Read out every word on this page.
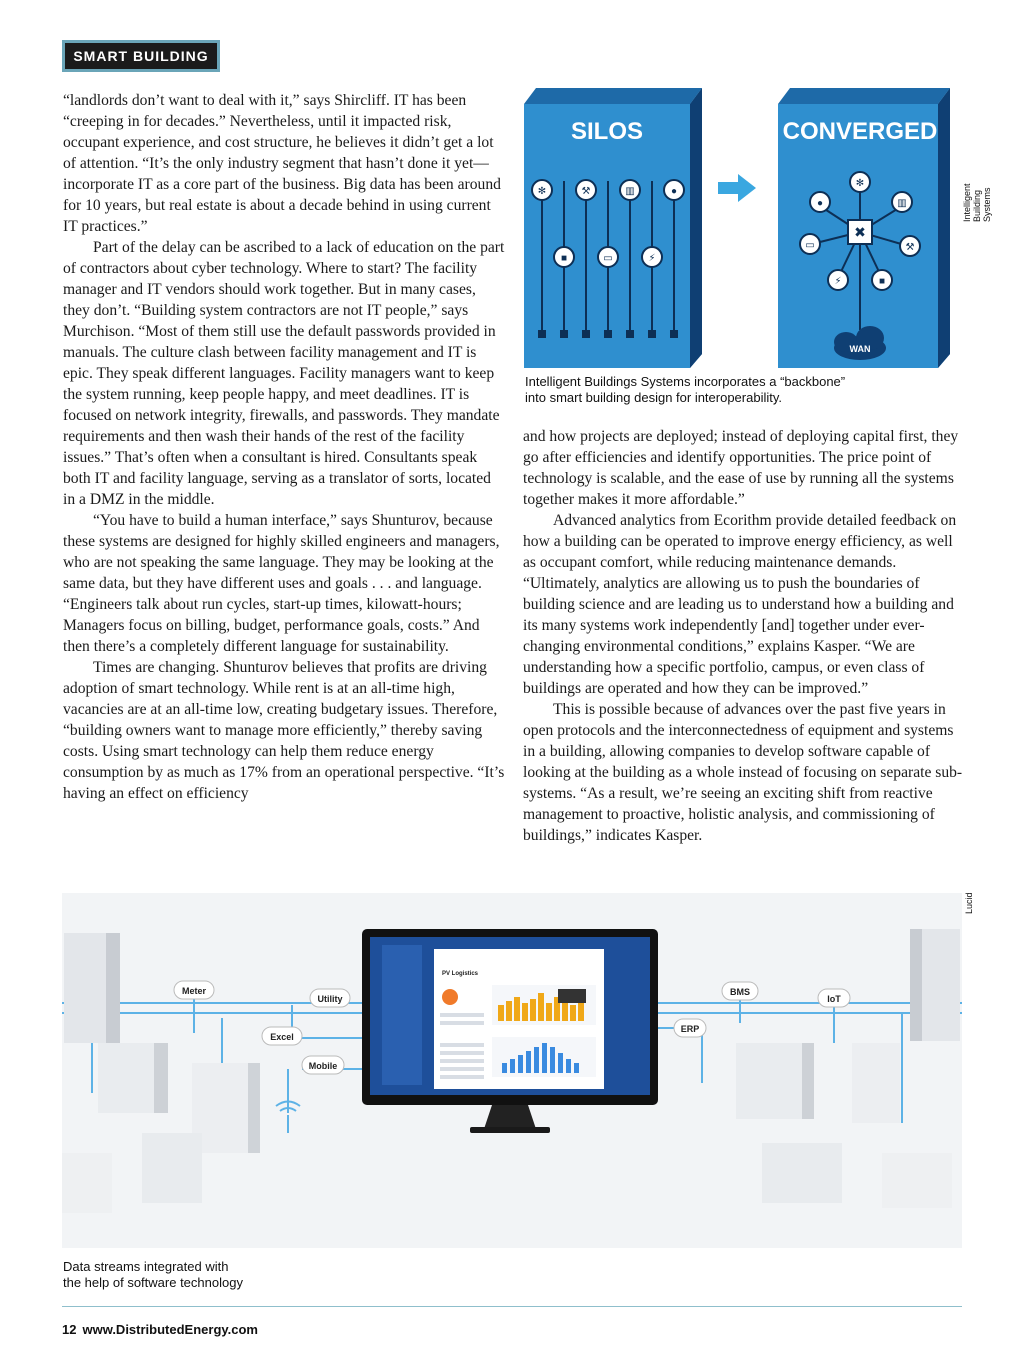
SMART BUILDING

“landlords don’t want to deal with it,” says Shircliff. IT has been “creeping in for decades.” Nevertheless, until it impacted risk, occupant experience, and cost structure, he believes it didn’t get a lot of attention. “It’s the only industry segment that hasn’t done it yet—incorporate IT as a core part of the business. Big data has been around for 10 years, but real estate is about a decade behind in using current IT practices.”

Part of the delay can be ascribed to a lack of education on the part of contractors about cyber technology. Where to start? The facility manager and IT vendors should work together. But in many cases, they don’t. “Building system contractors are not IT people,” says Murchison. “Most of them still use the default passwords provided in manuals. The culture clash between facility management and IT is epic. They speak different languages. Facility managers want to keep the system running, keep people happy, and meet deadlines. IT is focused on network integrity, firewalls, and passwords. They mandate requirements and then wash their hands of the rest of the facility issues.” That’s often when a consultant is hired. Consultants speak both IT and facility language, serving as a translator of sorts, located in a DMZ in the middle.

“You have to build a human interface,” says Shunturov, because these systems are designed for highly skilled engineers and managers, who are not speaking the same language. They may be looking at the same data, but they have different uses and goals . . . and language. “Engineers talk about run cycles, start-up times, kilowatt-hours; Managers focus on billing, budget, performance goals, costs.” And then there’s a completely different language for sustainability.

Times are changing. Shunturov believes that profits are driving adoption of smart technology. While rent is at an all-time high, vacancies are at an all-time low, creating budgetary issues. Therefore, “building owners want to manage more efficiently,” thereby saving costs. Using smart technology can help them reduce energy consumption by as much as 17% from an operational perspective. “It’s having an effect on efficiency

SILOS
✻	⚒	▥	●
■	▭	⚡
CONVERGED
✖
✻
●	▥
▭	⚒
⚡	■
WAN
Intelligent Building Systems
Intelligent Buildings Systems incorporates a “backbone”
into smart building design for interoperability.

and how projects are deployed; instead of deploying capital first, they go after efficiencies and identify opportunities. The price point of technology is scalable, and the ease of use by running all the systems together makes it more affordable.”

Advanced analytics from Ecorithm provide detailed feedback on how a building can be operated to improve energy efficiency, as well as occupant comfort, while reducing maintenance demands. “Ultimately, analytics are allowing us to push the boundaries of building science and are leading us to understand how a building and its many systems work independently [and] together under ever-changing environmental conditions,” explains Kasper. “We are understanding how a specific portfolio, campus, or even class of buildings are operated and how they can be improved.”

This is possible because of advances over the past five years in open protocols and the interconnectedness of equipment and systems in a building, allowing companies to develop software capable of looking at the building as a whole instead of focusing on separate sub-systems. “As a result, we’re seeing an exciting shift from reactive management to proactive, holistic analysis, and commissioning of buildings,” indicates Kasper.

Meter
Utility
Excel
Mobile
BMS
IoT
ERP
PV Logistics
Lucid
Data streams integrated with
the help of software technology
12 www.DistributedEnergy.com
